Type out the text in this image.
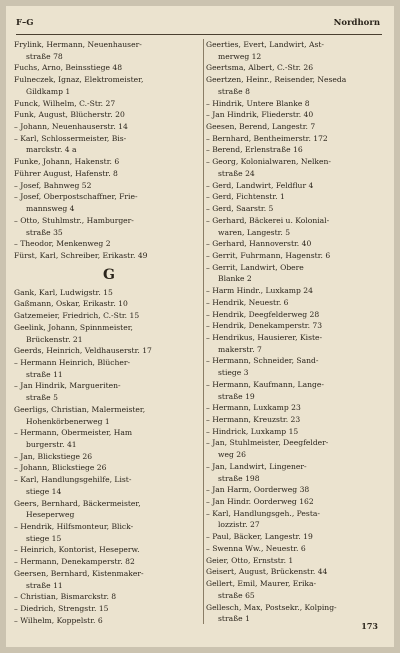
F–G	Nordhorn
Frylink, Hermann, Neuenhauser-
straße 78
Fuchs, Arno, Beinsstiege 48
Fulneczek, Ignaz, Elektromeister,
Gildkamp 1
Funck, Wilhelm, C.-Str. 27
Funk, August, Blücherstr. 20
– Johann, Neuenhauserstr. 14
– Karl, Schlossermeister, Bis-
marckstr. 4 a
Funke, Johann, Hakenstr. 6
Führer August, Hafenstr. 8
– Josef, Bahnweg 52
– Josef, Oberpostschaffner, Frie-
mannsweg 4
– Otto, Stuhlmstr., Hamburger-
straße 35
– Theodor, Menkenweg 2
Fürst, Karl, Schreiber, Erikastr. 49
G
Gank, Karl, Ludwigstr. 15
Gaßmann, Oskar, Erikastr. 10
Gatzemeier, Friedrich, C.-Str. 15
Geelink, Johann, Spinnmeister,
Brückenstr. 21
Geerds, Heinrich, Veldhauserstr. 17
– Hermann Heinrich, Blücher-
straße 11
– Jan Hindrik, Margueriten-
straße 5
Geerligs, Christian, Malermeister,
Hohenkörbenerweg 1
– Hermann, Obermeister, Ham
burgerstr. 41
– Jan, Blickstiege 26
– Johann, Blickstiege 26
– Karl, Handlungsgehilfe, List-
stiege 14
Geers, Bernhard, Bäckermeister,
Heseperweg
– Hendrik, Hilfsmonteur, Blick-
stiege 15
– Heinrich, Kontorist, Heseperw.
– Hermann, Denekamperstr. 82
Geersen, Bernhard, Kistenmaker-
straße 11
– Christian, Bismarckstr. 8
– Diedrich, Strengstr. 15
– Wilhelm, Koppelstr. 6
Geerties, Evert, Landwirt, Ast-
merweg 12
Geertsma, Albert, C.-Str. 26
Geertzen, Heinr., Reisender, Neseda
straße 8
– Hindrik, Untere Blanke 8
– Jan Hindrik, Fliederstr. 40
Geesen, Berend, Langestr. 7
– Bernhard, Bentheimerstr. 172
– Berend, Erlenstraße 16
– Georg, Kolonialwaren, Nelken-
straße 24
– Gerd, Landwirt, Feldflur 4
– Gerd, Fichtenstr. 1
– Gerd, Saarstr. 5
– Gerhard, Bäckerei u. Kolonial-
waren, Langestr. 5
– Gerhard, Hannoverstr. 40
– Gerrit, Fuhrmann, Hagenstr. 6
– Gerrit, Landwirt, Obere
Blanke 2
– Harm Hindr., Luxkamp 24
– Hendrik, Neuestr. 6
– Hendrik, Deegfelderweg 28
– Hendrik, Denekamperstr. 73
– Hendrikus, Hausierer, Kiste-
makerstr. 7
– Hermann, Schneider, Sand-
stiege 3
– Hermann, Kaufmann, Lange-
straße 19
– Hermann, Luxkamp 23
– Hermann, Kreuzstr. 23
– Hindrick, Luxkamp 15
– Jan, Stuhlmeister, Deegfelder-
weg 26
– Jan, Landwirt, Lingener-
straße 198
– Jan Harm, Oorderweg 38
– Jan Hindr. Oorderweg 162
– Karl, Handlungsgeh., Pesta-
lozzistr. 27
– Paul, Bäcker, Langestr. 19
– Swenna Ww., Neuestr. 6
Geier, Otto, Ernststr. 1
Geisert, August, Brückenstr. 44
Gellert, Emil, Maurer, Erika-
straße 65
Gellesch, Max, Postsekr., Kolping-
straße 1
173
